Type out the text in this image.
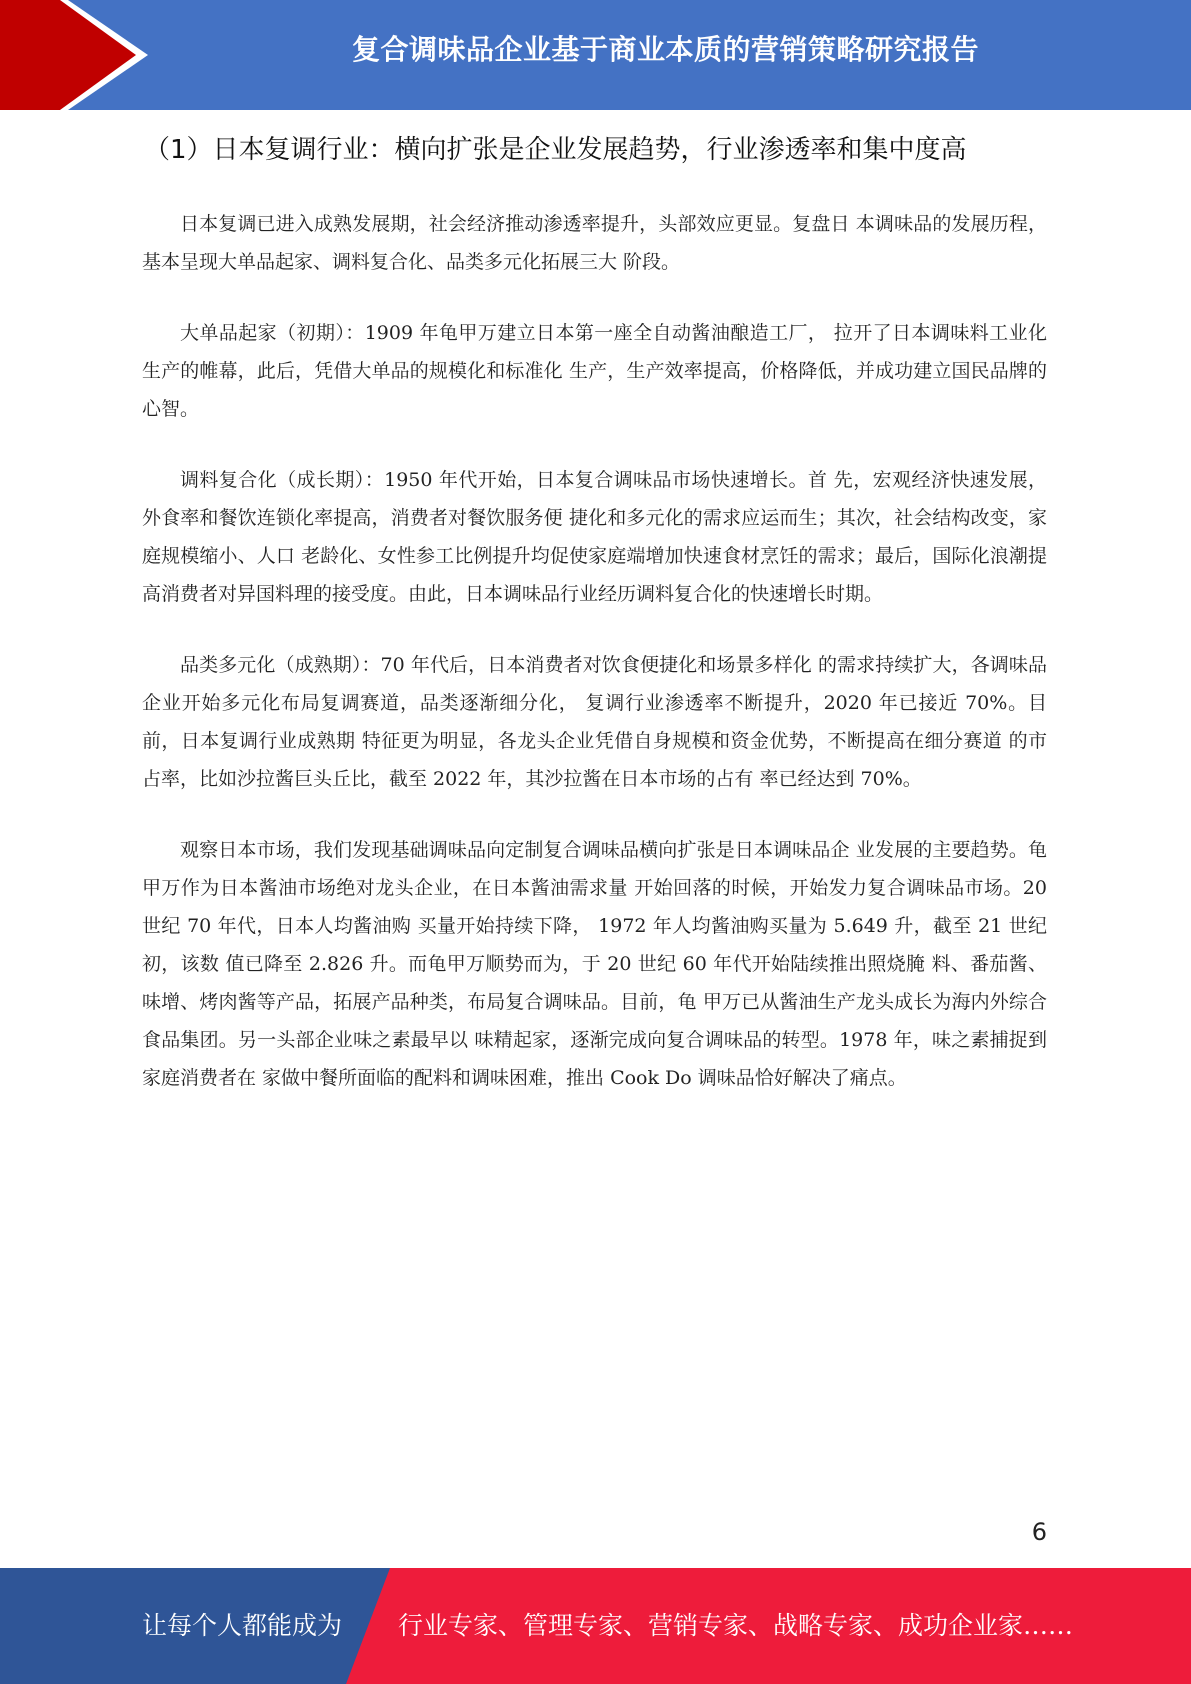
复合调味品企业基于商业本质的营销策略研究报告
（1）日本复调行业：横向扩张是企业发展趋势，行业渗透率和集中度高

日本复调已进入成熟发展期，社会经济推动渗透率提升，头部效应更显。复盘日 本调味品的发展历程，基本呈现大单品起家、调料复合化、品类多元化拓展三大 阶段。

大单品起家（初期）：1909 年龟甲万建立日本第一座全自动酱油酿造工厂， 拉开了日本调味料工业化生产的帷幕，此后，凭借大单品的规模化和标准化 生产，生产效率提高，价格降低，并成功建立国民品牌的心智。

调料复合化（成长期）：1950 年代开始，日本复合调味品市场快速增长。首 先，宏观经济快速发展，外食率和餐饮连锁化率提高，消费者对餐饮服务便 捷化和多元化的需求应运而生；其次，社会结构改变，家庭规模缩小、人口 老龄化、女性参工比例提升均促使家庭端增加快速食材烹饪的需求；最后，国际化浪潮提高消费者对异国料理的接受度。由此，日本调味品行业经历调料复合化的快速增长时期。

品类多元化（成熟期）：70 年代后，日本消费者对饮食便捷化和场景多样化 的需求持续扩大，各调味品企业开始多元化布局复调赛道，品类逐渐细分化， 复调行业渗透率不断提升，2020 年已接近 70%。目前，日本复调行业成熟期 特征更为明显，各龙头企业凭借自身规模和资金优势，不断提高在细分赛道 的市占率，比如沙拉酱巨头丘比，截至 2022 年，其沙拉酱在日本市场的占有 率已经达到 70%。

观察日本市场，我们发现基础调味品向定制复合调味品横向扩张是日本调味品企 业发展的主要趋势。龟甲万作为日本酱油市场绝对龙头企业，在日本酱油需求量 开始回落的时候，开始发力复合调味品市场。20 世纪 70 年代，日本人均酱油购 买量开始持续下降， 1972 年人均酱油购买量为 5.649 升，截至 21 世纪初，该数 值已降至 2.826 升。而龟甲万顺势而为，于 20 世纪 60 年代开始陆续推出照烧腌 料、番茄酱、味增、烤肉酱等产品，拓展产品种类，布局复合调味品。目前，龟 甲万已从酱油生产龙头成长为海内外综合食品集团。另一头部企业味之素最早以 味精起家，逐渐完成向复合调味品的转型。1978 年，味之素捕捉到家庭消费者在 家做中餐所面临的配料和调味困难，推出 Cook Do 调味品恰好解决了痛点。

6
让每个人都能成为 行业专家、管理专家、营销专家、战略专家、成功企业家……
